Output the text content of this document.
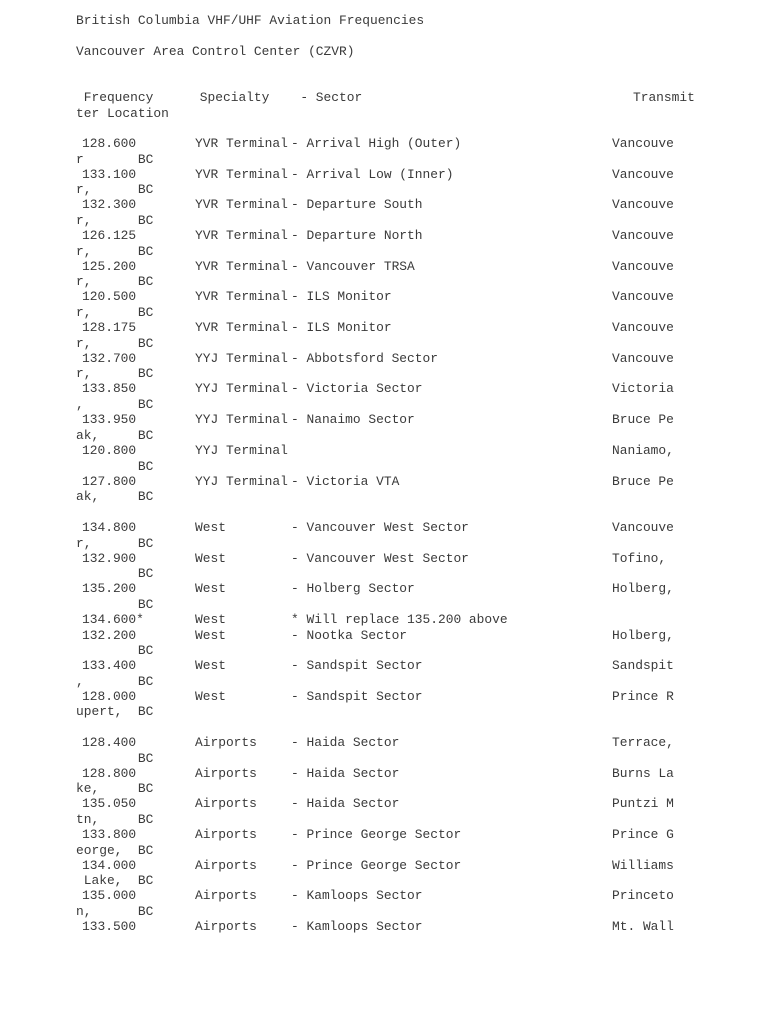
British Columbia VHF/UHF Aviation Frequencies
Vancouver Area Control Center (CZVR)
Frequency      Specialty    - Sector                                   Transmit
ter Location
128.600	YVR Terminal - Arrival High (Outer)	Vancouve
r       BC
133.100	YVR Terminal - Arrival Low (Inner)	Vancouve
r,      BC
132.300	YVR Terminal - Departure South	Vancouve
r,      BC
126.125	YVR Terminal - Departure North	Vancouve
r,      BC
125.200	YVR Terminal - Vancouver TRSA	Vancouve
r,      BC
120.500	YVR Terminal - ILS Monitor	Vancouve
r,      BC
128.175	YVR Terminal - ILS Monitor	Vancouve
r,      BC
132.700	YYJ Terminal - Abbotsford Sector	Vancouve
r,      BC
133.850	YYJ Terminal - Victoria Sector	Victoria
,       BC
133.950	YYJ Terminal - Nanaimo Sector	Bruce Pe
ak,     BC
120.800	YYJ Terminal	Naniamo,
BC
127.800	YYJ Terminal - Victoria VTA	Bruce Pe
ak,     BC
134.800	West	- Vancouver West Sector	Vancouve
r,      BC
132.900	West	- Vancouver West Sector	Tofino,
BC
135.200	West	- Holberg Sector	Holberg,
BC
134.600*	West	* Will replace 135.200 above
132.200	West	- Nootka Sector	Holberg,
BC
133.400	West	- Sandspit Sector	Sandspit
,       BC
128.000	West	- Sandspit Sector	Prince R
upert,  BC
128.400	Airports	- Haida Sector	Terrace,
BC
128.800	Airports	- Haida Sector	Burns La
ke,     BC
135.050	Airports	- Haida Sector	Puntzi M
tn,     BC
133.800	Airports	- Prince George Sector	Prince G
eorge,  BC
134.000	Airports	- Prince George Sector	Williams
Lake,  BC
135.000	Airports	- Kamloops Sector	Princeto
n,      BC
133.500	Airports	- Kamloops Sector	Mt. Wall
